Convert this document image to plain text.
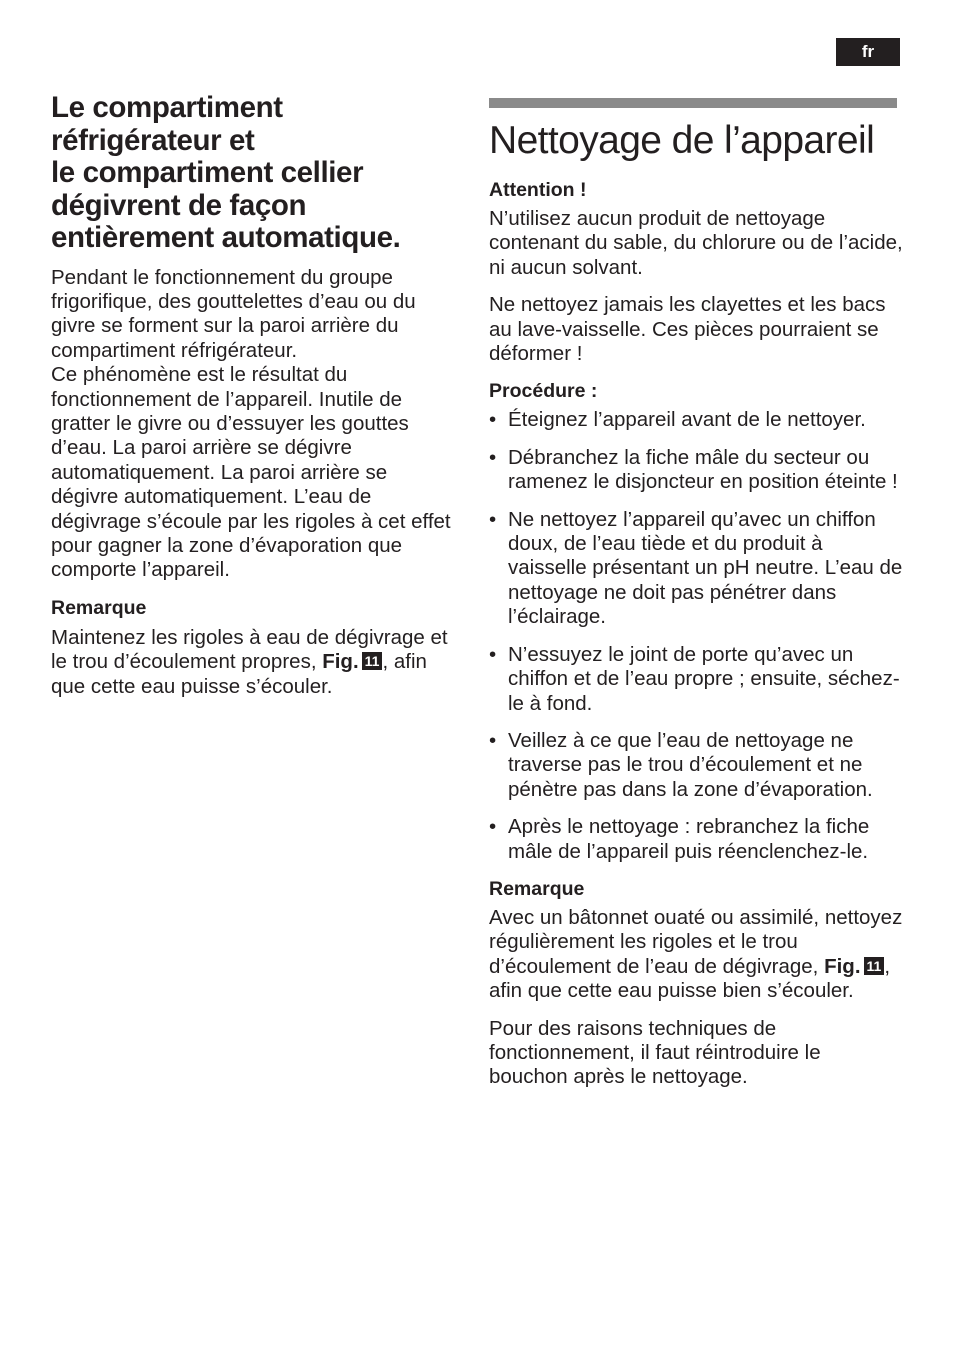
fr
Le compartiment
réfrigérateur et
le compartiment cellier
dégivrent de façon
entièrement automatique.

Pendant le fonctionnement du groupe frigorifique, des gouttelettes d’eau ou du givre se forment sur la paroi arrière du compartiment réfrigérateur.

Ce phénomène est le résultat du fonctionnement de l’appareil. Inutile de gratter le givre ou d’essuyer les gouttes d’eau. La paroi arrière se dégivre automatiquement. La paroi arrière se dégivre automatiquement. L’eau de dégivrage s’écoule par les rigoles à cet effet pour gagner la zone d’évaporation que comporte l’appareil.

Remarque

Maintenez les rigoles à eau de dégivrage et le trou d’écoulement propres, Fig. 11 , afin que cette eau puisse s’écouler.

Nettoyage de l’appareil
Attention !

N’utilisez aucun produit de nettoyage contenant du sable, du chlorure ou de l’acide, ni aucun solvant.

Ne nettoyez jamais les clayettes et les bacs au lave-vaisselle. Ces pièces pourraient se déformer !

Procédure :
• Éteignez l’appareil avant de le nettoyer.
• Débranchez la fiche mâle du secteur ou ramenez le disjoncteur en position éteinte !
• Ne nettoyez l’appareil qu’avec un chiffon doux, de l’eau tiède et du produit à vaisselle présentant un pH neutre. L’eau de nettoyage ne doit pas pénétrer dans l’éclairage.
• N’essuyez le joint de porte qu’avec un chiffon et de l’eau propre ; ensuite, séchez-le à fond.
• Veillez à ce que l’eau de nettoyage ne traverse pas le trou d’écoulement et ne pénètre pas dans la zone d’évaporation.
• Après le nettoyage : rebranchez la fiche mâle de l’appareil puis réenclenchez-le.
Remarque

Avec un bâtonnet ouaté ou assimilé, nettoyez régulièrement les rigoles et le trou d’écoulement de l’eau de dégivrage, Fig. 11 , afin que cette eau puisse bien s’écouler.

Pour des raisons techniques de fonctionnement, il faut réintroduire le bouchon après le nettoyage.
